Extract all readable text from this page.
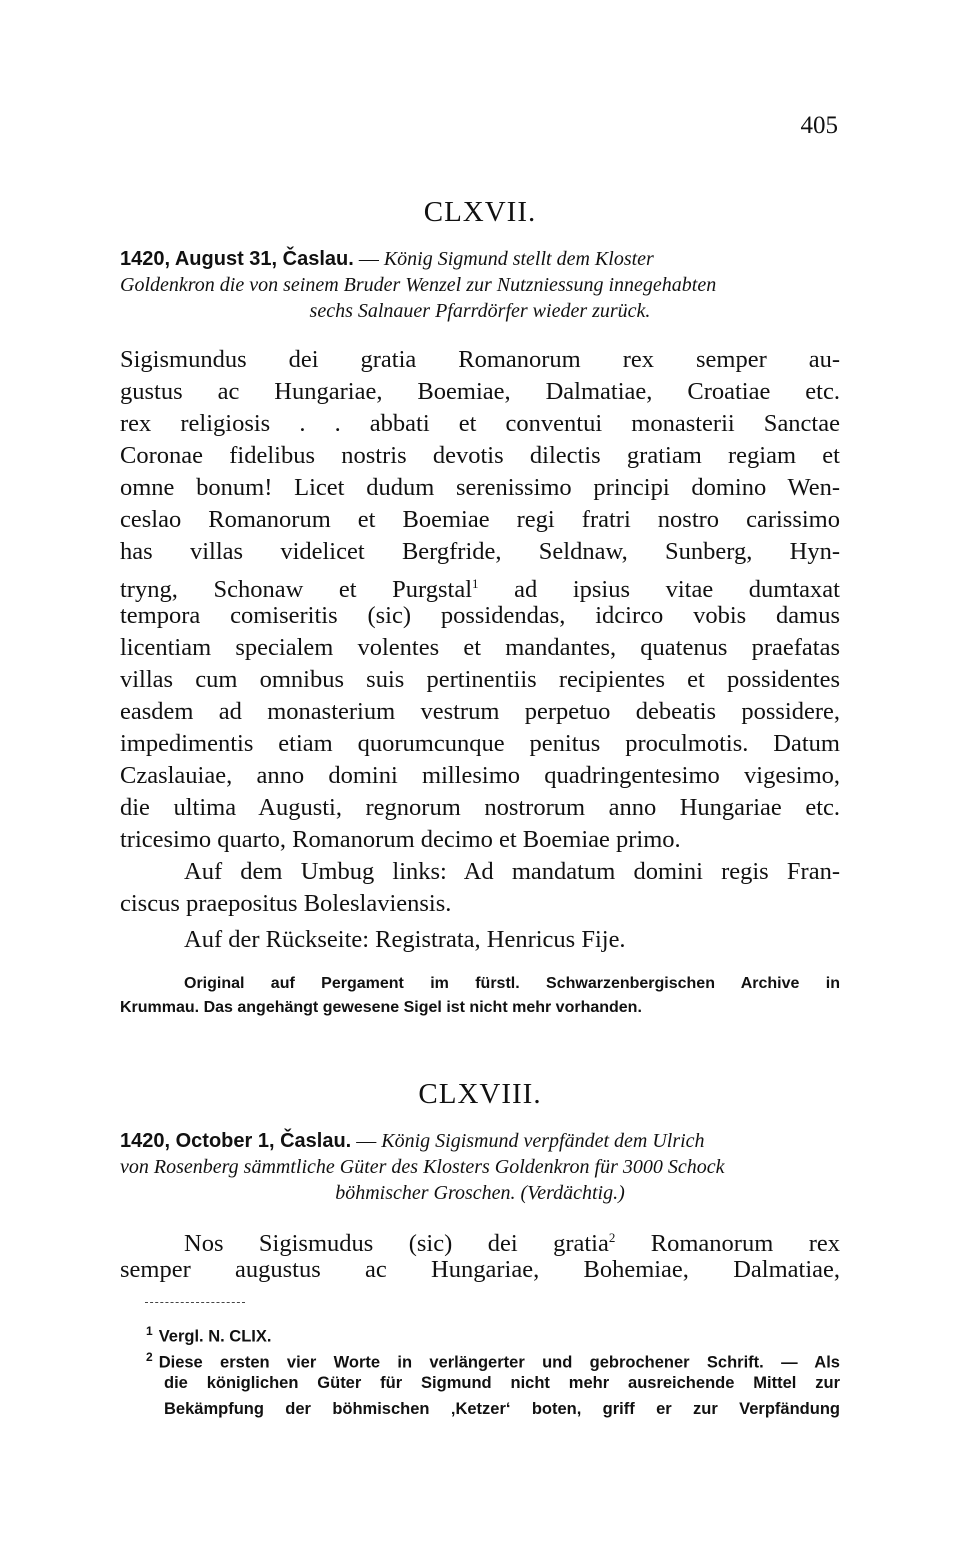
405
CLXVII.
1420, August 31, Časlau. — König Sigmund stellt dem Kloster
Goldenkron die von seinem Bruder Wenzel zur Nutzniessung innegehabten

sechs Salnauer Pfarrdörfer wieder zurück.
Sigismundus dei gratia Romanorum rex semper au-
gustus ac Hungariae, Boemiae, Dalmatiae, Croatiae etc.
rex religiosis . . abbati et conventui monasterii Sanctae
Coronae fidelibus nostris devotis dilectis gratiam regiam et
omne bonum! Licet dudum serenissimo principi domino Wen-
ceslao Romanorum et Boemiae regi fratri nostro carissimo
has villas videlicet Bergfride, Seldnaw, Sunberg, Hyn-
tryng, Schonaw et Purgstal$^1$ ad ipsius vitae dumtaxat
tempora comiseritis (sic) possidendas, idcirco vobis damus
licentiam specialem volentes et mandantes, quatenus praefatas
villas cum omnibus suis pertinentiis recipientes et possidentes
easdem ad monasterium vestrum perpetuo debeatis possidere,
impedimentis etiam quorumcunque penitus proculmotis. Datum
Czaslauiae, anno domini millesimo quadringentesimo vigesimo,
die ultima Augusti, regnorum nostrorum anno Hungariae etc.
tricesimo quarto, Romanorum decimo et Boemiae primo.
Auf dem Umbug links: Ad mandatum domini regis Fran-
ciscus praepositus Boleslaviensis.
Auf der Rückseite: Registrata, Henricus Fije.
Original auf Pergament im fürstl. Schwarzenbergischen Archive in
Krummau. Das angehängt gewesene Sigel ist nicht mehr vorhanden.
CLXVIII.
1420, October 1, Časlau. — König Sigismund verpfändet dem Ulrich
von Rosenberg sämmtliche Güter des Klosters Goldenkron für 3000 Schock

böhmischer Groschen. (Verdächtig.)
Nos Sigismudus (sic) dei gratia$^2$ Romanorum rex
semper augustus ac Hungariae, Bohemiae, Dalmatiae,
$^1$ Vergl. N. CLIX.
$^2$ Diese ersten vier Worte in verlängerter und gebrochener Schrift. — Als
die königlichen Güter für Sigmund nicht mehr ausreichende Mittel zur
Bekämpfung der böhmischen ‚Ketzer‘ boten, griff er zur Verpfändung
